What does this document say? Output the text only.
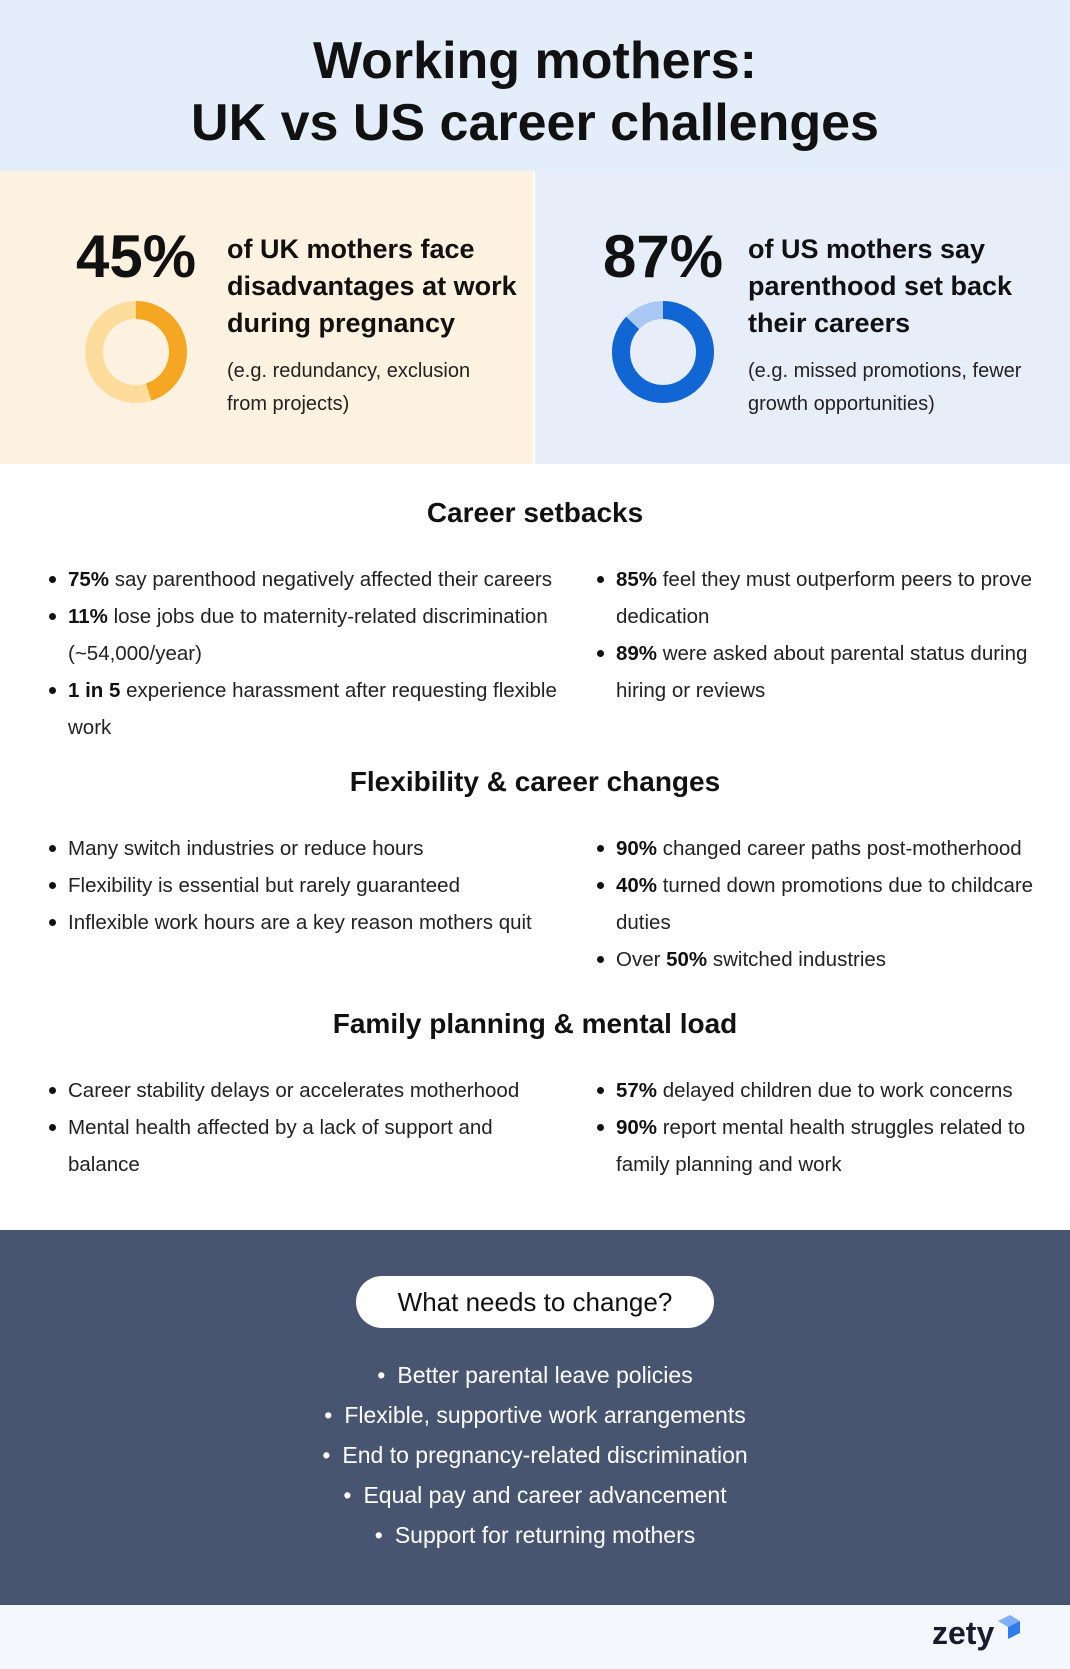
Working mothers:
UK vs US career challenges
45% of UK mothers face disadvantages at work during pregnancy
(e.g. redundancy, exclusion from projects)
87% of US mothers say parenthood set back their careers
(e.g. missed promotions, fewer growth opportunities)
Career setbacks
75% say parenthood negatively affected their careers
11% lose jobs due to maternity-related discrimination (~54,000/year)
1 in 5 experience harassment after requesting flexible work
85% feel they must outperform peers to prove dedication
89% were asked about parental status during hiring or reviews
Flexibility & career changes
Many switch industries or reduce hours
Flexibility is essential but rarely guaranteed
Inflexible work hours are a key reason mothers quit
90% changed career paths post-motherhood
40% turned down promotions due to childcare duties
Over 50% switched industries
Family planning & mental load
Career stability delays or accelerates motherhood
Mental health affected by a lack of support and balance
57% delayed children due to work concerns
90% report mental health struggles related to family planning and work
What needs to change?
• Better parental leave policies
• Flexible, supportive work arrangements
• End to pregnancy-related discrimination
• Equal pay and career advancement
• Support for returning mothers
zety
